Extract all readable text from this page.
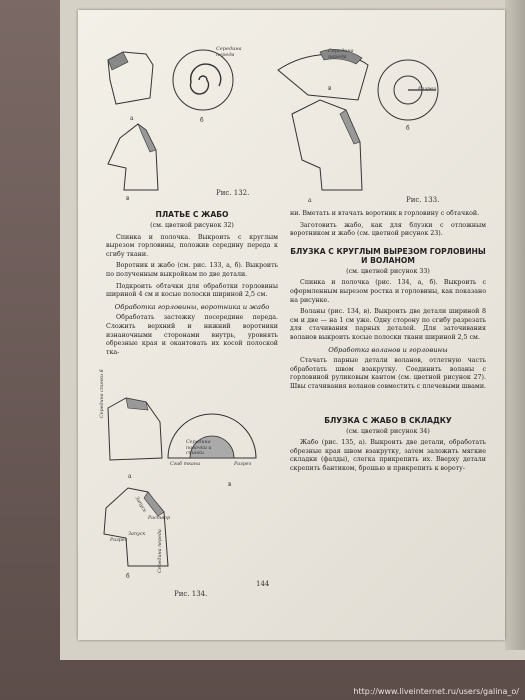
а	б
в
Середина переда
Рис. 132.
а
б
в
Середина переда
Разрез
Рис. 133.

ПЛАТЬЕ С ЖАБО

(см. цветной рисунок 32)

Спинка и полочка. Выкроить с круглым вырезом горловины, положив середину переда к сгибу ткани.

Воротник и жабо (см. рис. 133, а, б). Выкроить по полученным выкройкам по две детали.

Подкроить обтачки для обработки горловины шириной 4 см и косые полоски шириной 2,5 см.

Обработка горловины, воротника и жабо

Обработать застежку посередине переда. Сложить верхний и нижний воротники изнаночными сторонами внутрь, уровнять обрезные края и окантовать их косой полоской тка-

а
б
в
Середина спинки 8
Середина переда
Середина полочки и спинки
Сгиб ткани	Разрез
Запуск
Раствор
Запуск
Разрез
Рис. 134.

ни. Вметать и втачать воротник в горловину с обтачкой.

Заготовить жабо, как для блузки с отложным воротником и жабо (см. цветной рисунок 23).

БЛУЗКА С КРУГЛЫМ ВЫРЕЗОМ ГОРЛОВИНЫ И ВОЛАНОМ

(см. цветной рисунок 33)

Спинка и полочка (рис. 134, а, б). Выкроить с оформленным вырезом ростка и горловины, как показано на рисунке.

Воланы (рис. 134, в). Выкроить две детали шириной 8 см и две — на 1 см уже. Одну сторону по сгибу разрезать для стачивания парных деталей. Для заточивания воланов выкроить косые полоски ткани шириной 2,5 см.

Обработка воланов и горловины

Стачать парные детали воланов, отлетную часть обработать швом вэакрутку. Соединить воланы с горловиной руликовым кантом (см. цветной рисунок 27). Швы стачивания воланов совместить с плечевыми швами.

БЛУЗКА С ЖАБО В СКЛАДКУ

(см. цветной рисунок 34)

Жабо (рис. 135, а). Выкроить две детали, обработать обрезные края швом вэакрутку, затем заложить мягкие складки (фалды), слегка прикрепить их. Вверху детали скрепить бантиком, брошью и прикрепить к вороту-

144
http://www.liveinternet.ru/users/galina_o/
